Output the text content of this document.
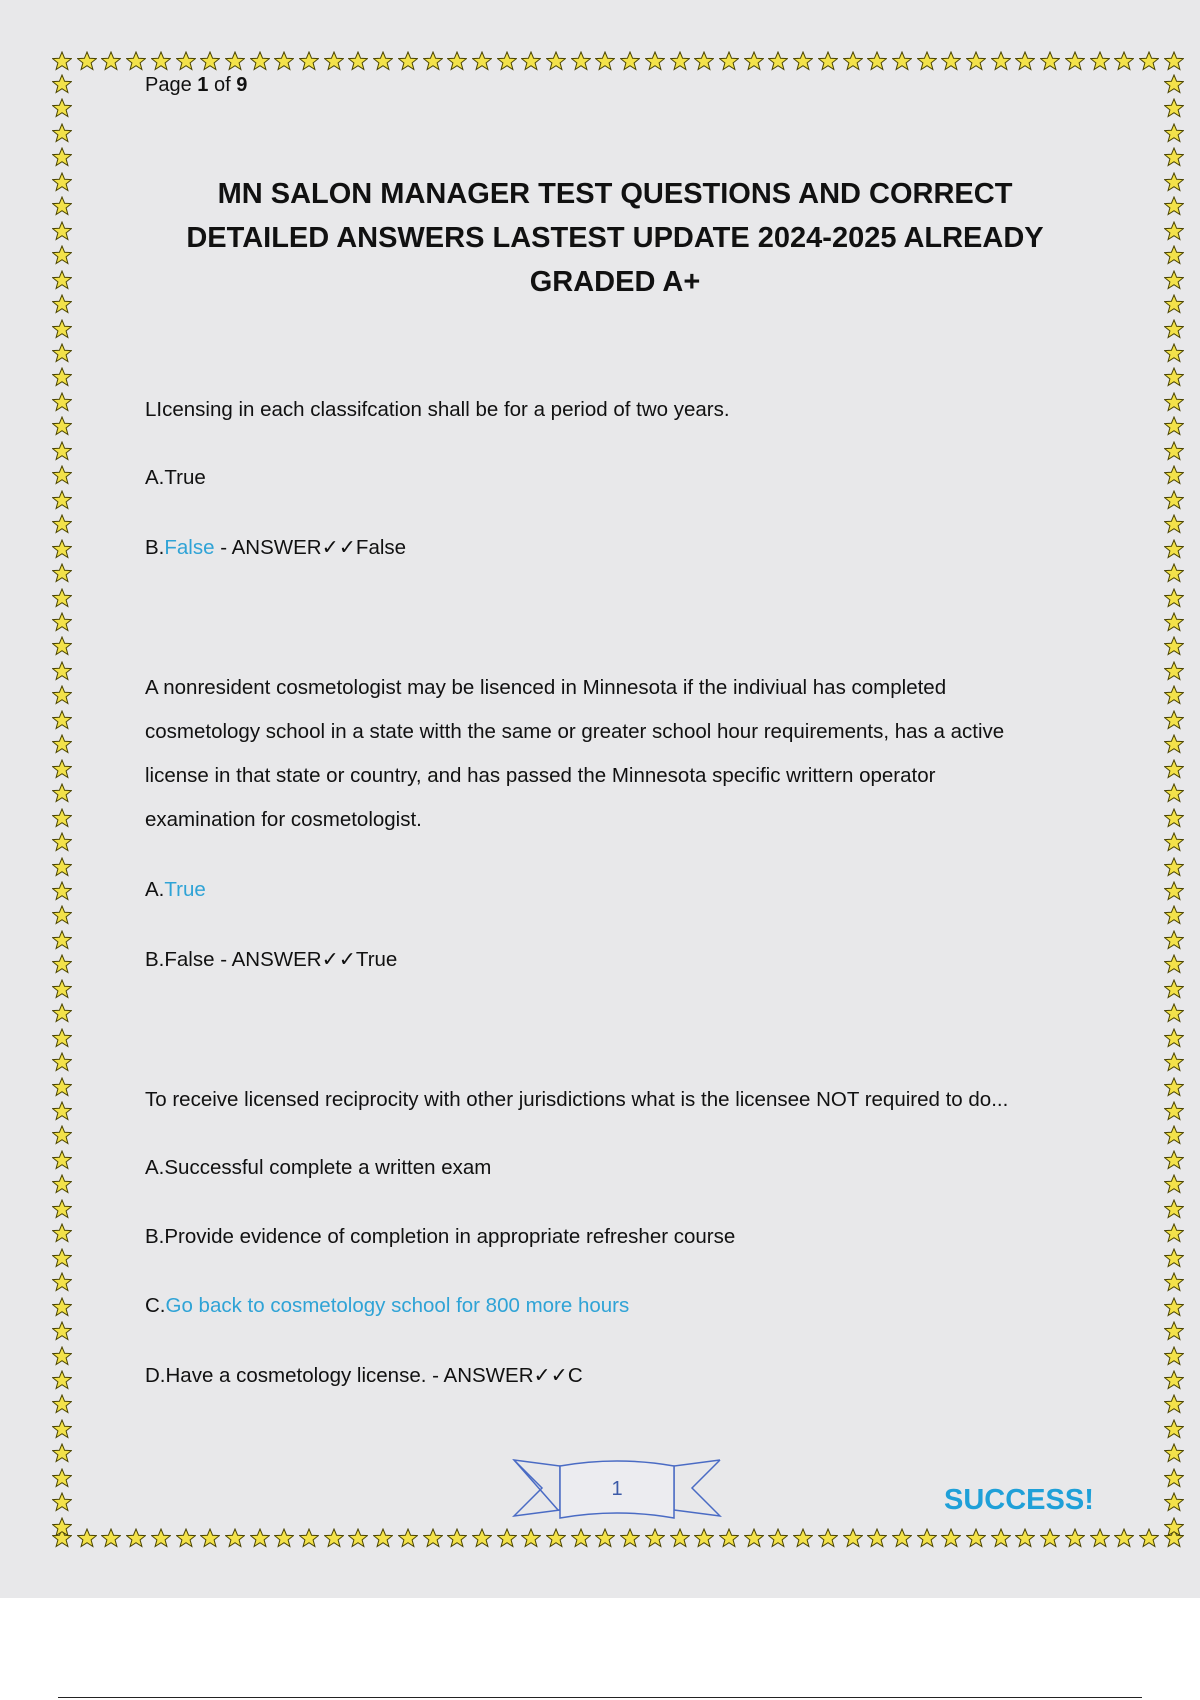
Page 1 of 9
MN SALON MANAGER TEST QUESTIONS AND CORRECT
DETAILED ANSWERS LASTEST UPDATE 2024-2025 ALREADY
GRADED A+
LIcensing in each classifcation shall be for a period of two years.
A.True
B.False - ANSWER✓✓False
A nonresident cosmetologist may be lisenced in Minnesota if the indiviual has completed
cosmetology school in a state witth the same or greater school hour requirements, has a active
license in that state or country, and has passed the Minnesota specific writtern operator
examination for cosmetologist.
A.True
B.False - ANSWER✓✓True
To receive licensed reciprocity with other jurisdictions what is the licensee NOT required to do...
A.Successful complete a written exam
B.Provide evidence of completion in appropriate refresher course
C.Go back to cosmetology school for 800 more hours
D.Have a cosmetology license. - ANSWER✓✓C
1	SUCCESS!
